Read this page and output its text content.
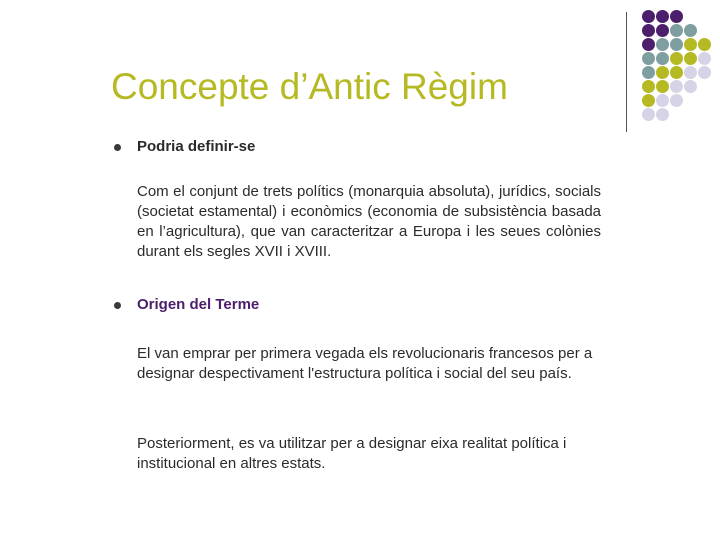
Concepte d’Antic Règim
Podria definir-se
Com el conjunt de trets polítics (monarquia absoluta), jurídics, socials (societat estamental) i econòmics (economia de subsistència basada en l’agricultura), que van caracteritzar a Europa i les seues colònies durant els segles XVII i XVIII.
Origen del Terme
El van emprar per primera vegada els revolucionaris francesos per a designar despectivament l'estructura política i social del seu país.
Posteriorment, es va utilitzar per a designar eixa realitat política i institucional en altres estats.
